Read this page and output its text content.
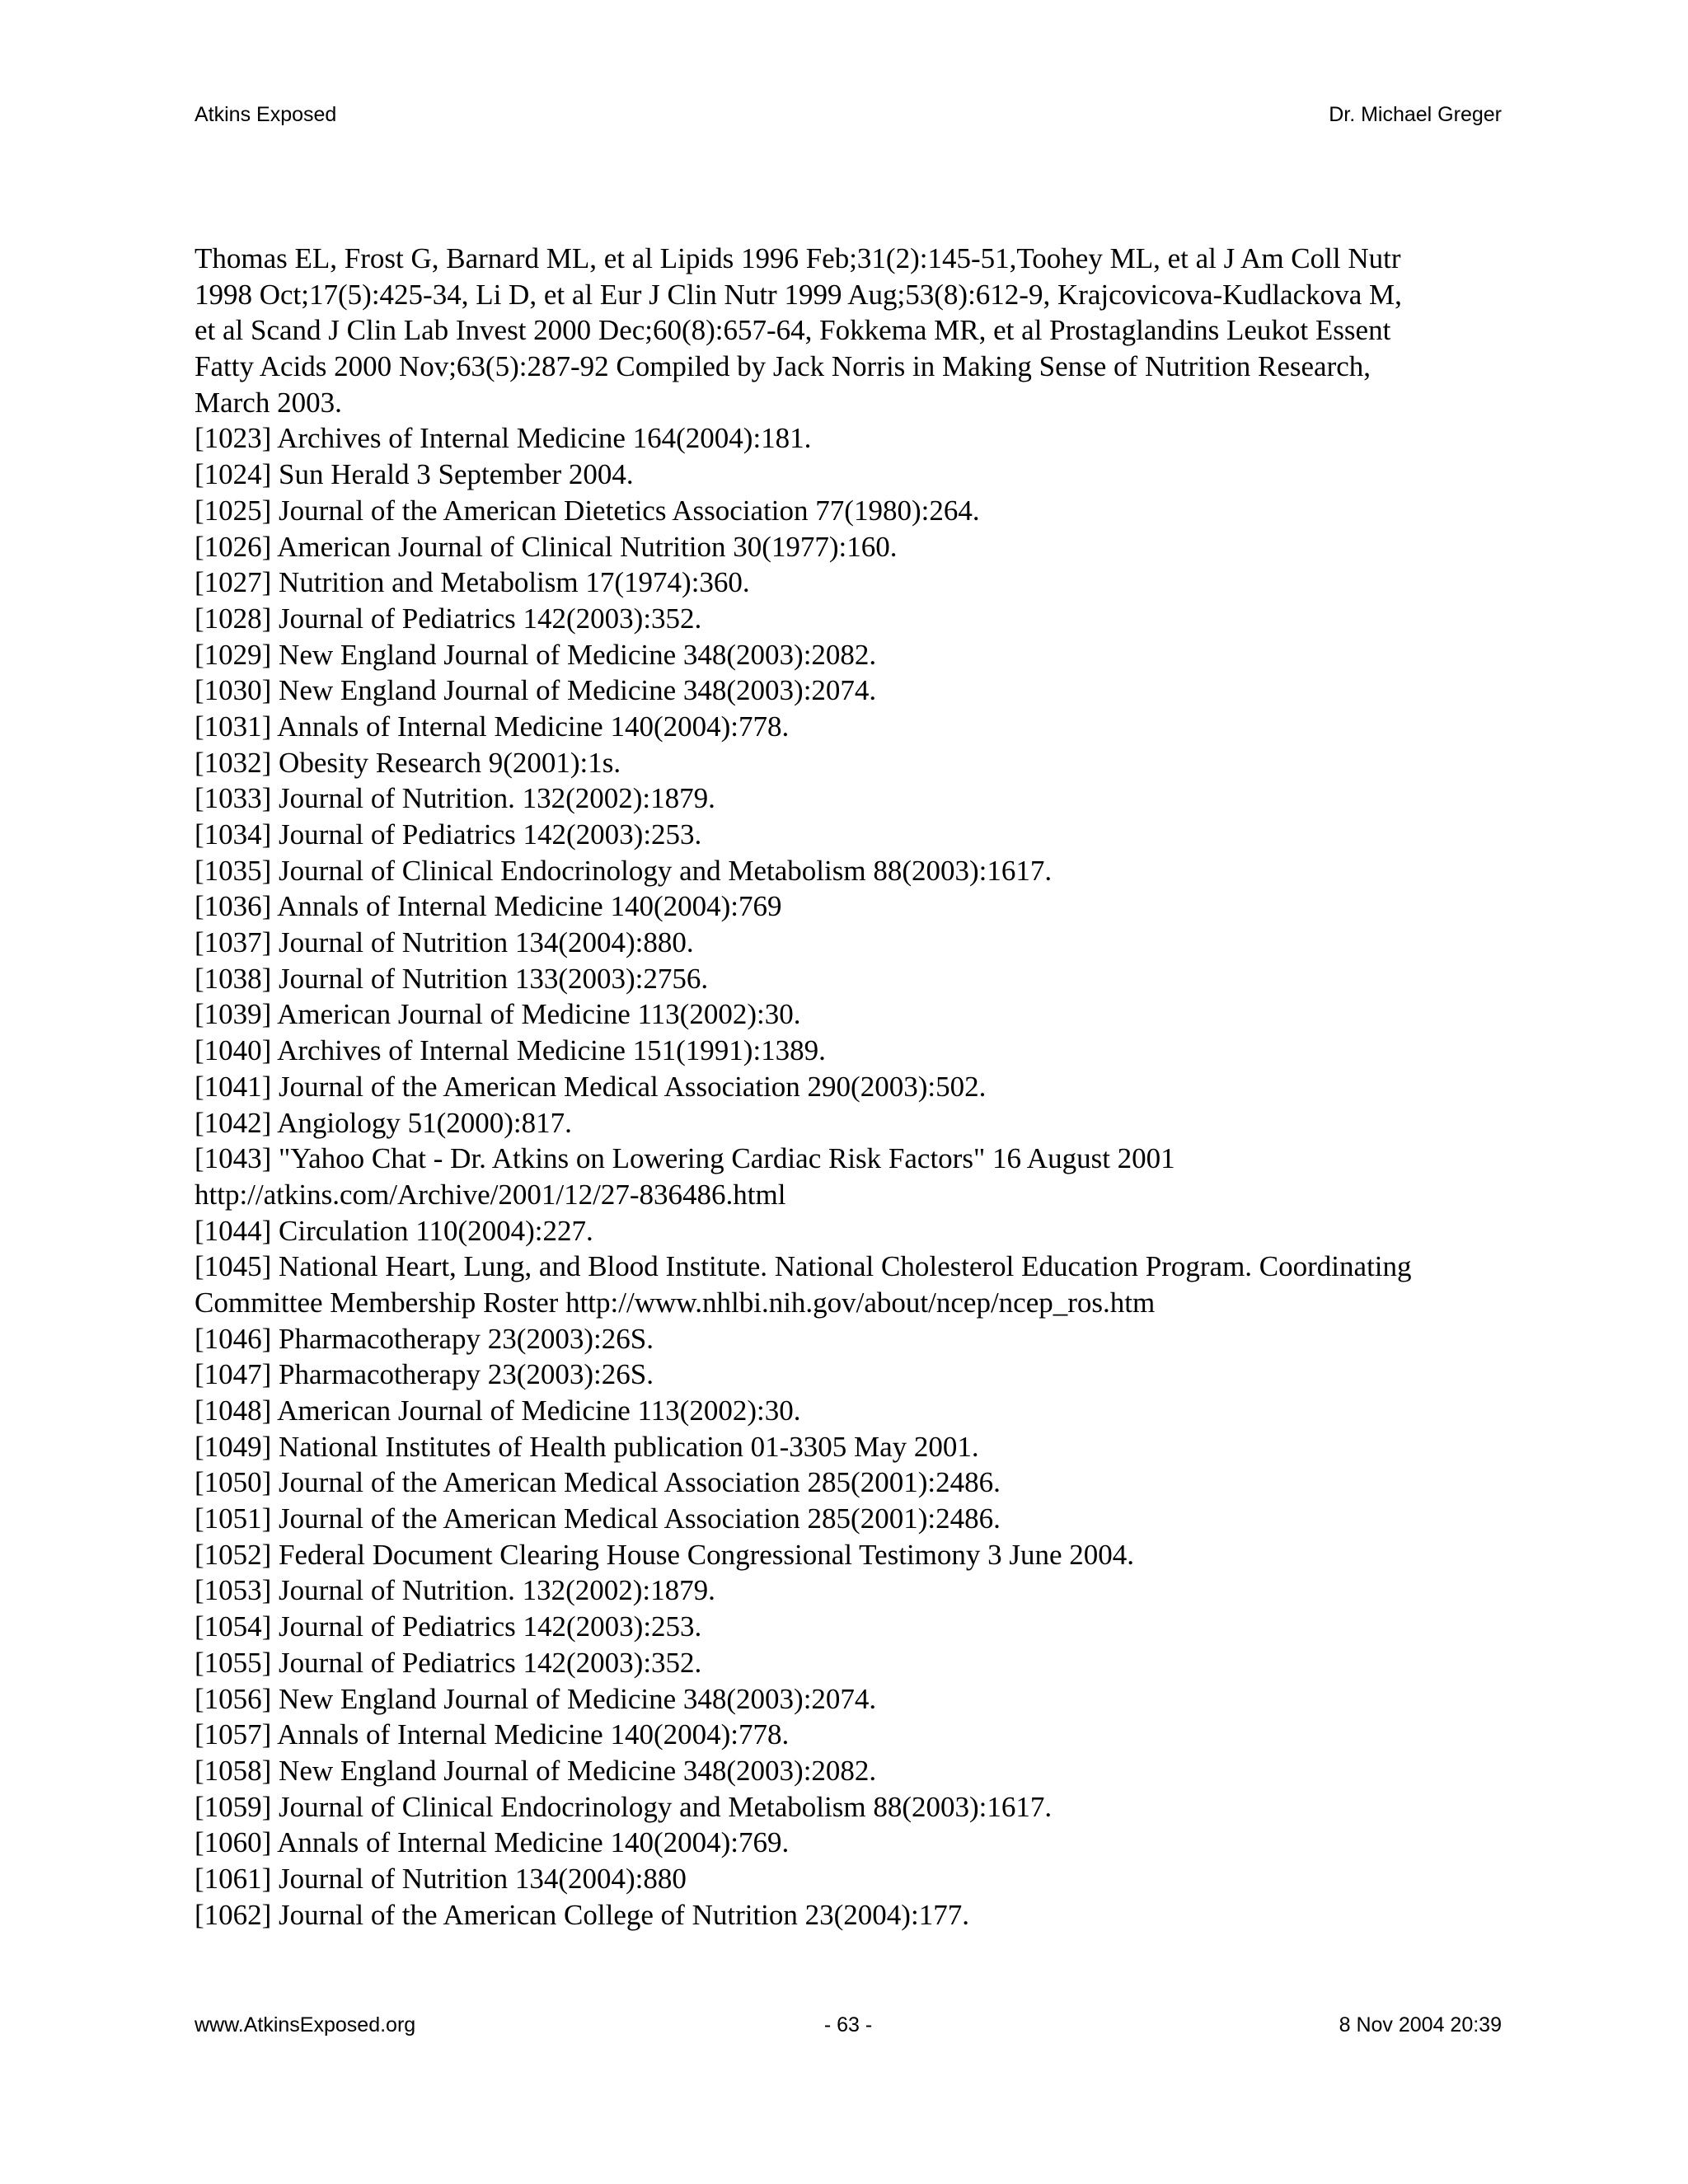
Atkins Exposed	Dr. Michael Greger
Thomas EL, Frost G, Barnard ML, et al Lipids 1996 Feb;31(2):145-51,Toohey ML, et al J Am Coll Nutr
1998 Oct;17(5):425-34, Li D, et al Eur J Clin Nutr 1999 Aug;53(8):612-9, Krajcovicova-Kudlackova M,
et al Scand J Clin Lab Invest 2000 Dec;60(8):657-64, Fokkema MR, et al Prostaglandins Leukot Essent
Fatty Acids 2000 Nov;63(5):287-92 Compiled by Jack Norris in Making Sense of Nutrition Research,
March 2003.
[1023] Archives of Internal Medicine 164(2004):181.
[1024] Sun Herald 3 September 2004.
[1025] Journal of the American Dietetics Association 77(1980):264.
[1026] American Journal of Clinical Nutrition 30(1977):160.
[1027] Nutrition and Metabolism 17(1974):360.
[1028] Journal of Pediatrics 142(2003):352.
[1029] New England Journal of Medicine 348(2003):2082.
[1030] New England Journal of Medicine 348(2003):2074.
[1031] Annals of Internal Medicine 140(2004):778.
[1032] Obesity Research 9(2001):1s.
[1033] Journal of Nutrition. 132(2002):1879.
[1034] Journal of Pediatrics 142(2003):253.
[1035] Journal of Clinical Endocrinology and Metabolism 88(2003):1617.
[1036] Annals of Internal Medicine 140(2004):769
[1037] Journal of Nutrition 134(2004):880.
[1038] Journal of Nutrition 133(2003):2756.
[1039] American Journal of Medicine 113(2002):30.
[1040] Archives of Internal Medicine 151(1991):1389.
[1041] Journal of the American Medical Association 290(2003):502.
[1042] Angiology 51(2000):817.
[1043] "Yahoo Chat - Dr. Atkins on Lowering Cardiac Risk Factors" 16 August 2001
http://atkins.com/Archive/2001/12/27-836486.html
[1044] Circulation 110(2004):227.
[1045] National Heart, Lung, and Blood Institute. National Cholesterol Education Program. Coordinating
Committee Membership Roster http://www.nhlbi.nih.gov/about/ncep/ncep_ros.htm
[1046] Pharmacotherapy 23(2003):26S.
[1047] Pharmacotherapy 23(2003):26S.
[1048] American Journal of Medicine 113(2002):30.
[1049] National Institutes of Health publication 01-3305 May 2001.
[1050] Journal of the American Medical Association 285(2001):2486.
[1051] Journal of the American Medical Association 285(2001):2486.
[1052] Federal Document Clearing House Congressional Testimony 3 June 2004.
[1053] Journal of Nutrition. 132(2002):1879.
[1054] Journal of Pediatrics 142(2003):253.
[1055] Journal of Pediatrics 142(2003):352.
[1056] New England Journal of Medicine 348(2003):2074.
[1057] Annals of Internal Medicine 140(2004):778.
[1058] New England Journal of Medicine 348(2003):2082.
[1059] Journal of Clinical Endocrinology and Metabolism 88(2003):1617.
[1060] Annals of Internal Medicine 140(2004):769.
[1061] Journal of Nutrition 134(2004):880
[1062] Journal of the American College of Nutrition 23(2004):177.
www.AtkinsExposed.org	- 63 -	8 Nov 2004 20:39
